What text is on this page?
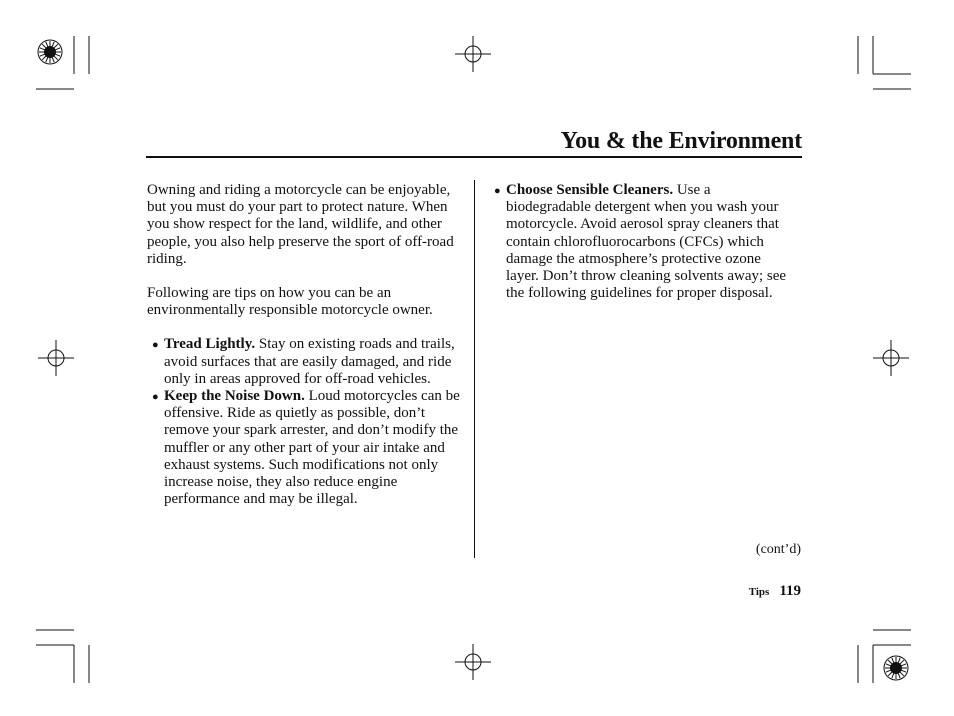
You & the Environment

Owning and riding a motorcycle can be enjoyable, but you must do your part to protect nature. When you show respect for the land, wildlife, and other people, you also help preserve the sport of off-road riding.

Following are tips on how you can be an environmentally responsible motorcycle owner.

● Tread Lightly. Stay on existing roads and trails, avoid surfaces that are easily damaged, and ride only in areas approved for off-road vehicles.

● Keep the Noise Down. Loud motorcycles can be offensive. Ride as quietly as possible, don’t remove your spark arrester, and don’t modify the muffler or any other part of your air intake and exhaust systems. Such modifications not only increase noise, they also reduce engine performance and may be illegal.

● Choose Sensible Cleaners. Use a biodegradable detergent when you wash your motorcycle. Avoid aerosol spray cleaners that contain chlorofluorocarbons (CFCs) which damage the atmosphere’s protective ozone layer. Don’t throw cleaning solvents away; see the following guidelines for proper disposal.

(cont’d)
Tips 119
